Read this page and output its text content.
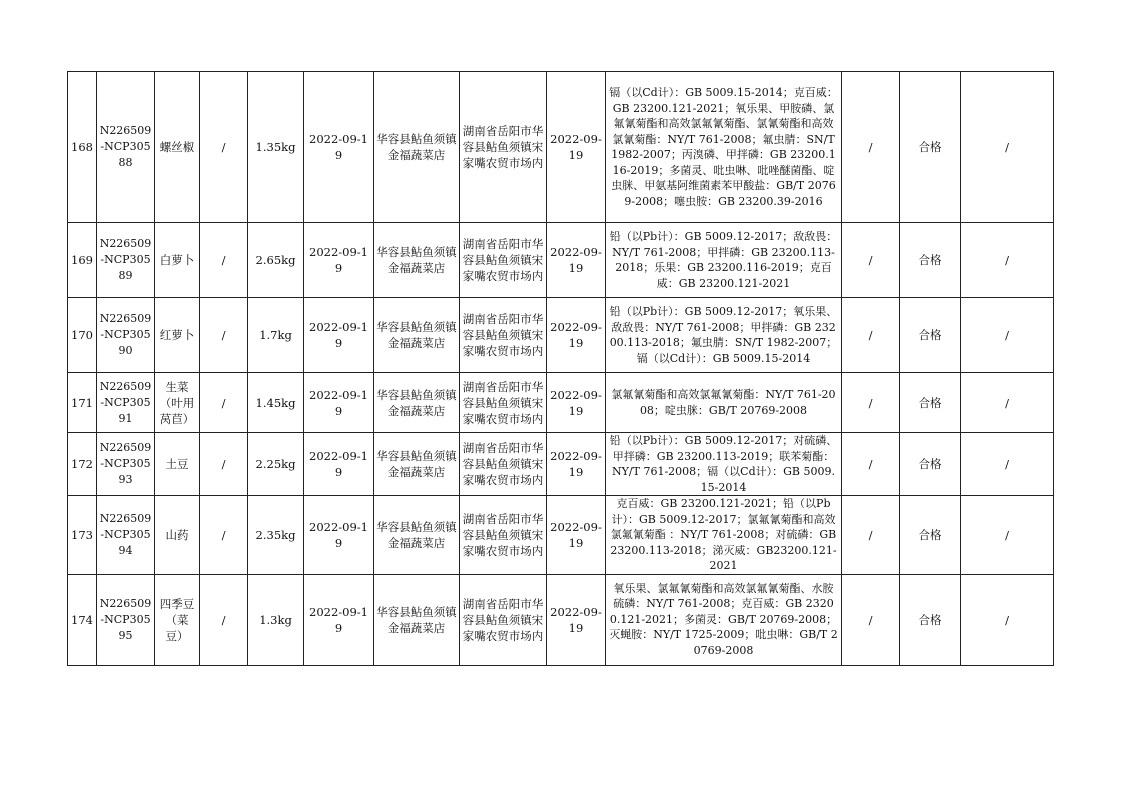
168	N226509-NCP30588	螺丝椒	/	1.35kg	2022-09-19	华容县鲇鱼须镇金福蔬菜店	湖南省岳阳市华容县鲇鱼须镇宋家嘴农贸市场内	2022-09-19	镉（以Cd计）：GB 5009.15-2014；克百威：GB 23200.121-2021；氧乐果、甲胺磷、氯氟氰菊酯和高效氯氟氰菊酯、氯氰菊酯和高效氯氰菊酯：NY/T 761-2008；氟虫腈：SN/T 1982-2007；丙溴磷、甲拌磷：GB 23200.116-2019；多菌灵、吡虫啉、吡唑醚菌酯、啶虫脒、甲氨基阿维菌素苯甲酸盐：GB/T 20769-2008；噻虫胺：GB 23200.39-2016	/	合格	/
169	N226509-NCP30589	白萝卜	/	2.65kg	2022-09-19	华容县鲇鱼须镇金福蔬菜店	湖南省岳阳市华容县鲇鱼须镇宋家嘴农贸市场内	2022-09-19	铅（以Pb计）：GB 5009.12-2017；敌敌畏：NY/T 761-2008；甲拌磷：GB 23200.113-2018；乐果：GB 23200.116-2019；克百威：GB 23200.121-2021	/	合格	/
170	N226509-NCP30590	红萝卜	/	1.7kg	2022-09-19	华容县鲇鱼须镇金福蔬菜店	湖南省岳阳市华容县鲇鱼须镇宋家嘴农贸市场内	2022-09-19	铅（以Pb计）：GB 5009.12-2017；氧乐果、敌敌畏：NY/T 761-2008；甲拌磷：GB 23200.113-2018；氟虫腈：SN/T 1982-2007；镉（以Cd计）：GB 5009.15-2014	/	合格	/
171	N226509-NCP30591	生菜（叶用莴苣）	/	1.45kg	2022-09-19	华容县鲇鱼须镇金福蔬菜店	湖南省岳阳市华容县鲇鱼须镇宋家嘴农贸市场内	2022-09-19	氯氟氰菊酯和高效氯氟氰菊酯：NY/T 761-2008；啶虫脒：GB/T 20769-2008	/	合格	/
172	N226509-NCP30593	土豆	/	2.25kg	2022-09-19	华容县鲇鱼须镇金福蔬菜店	湖南省岳阳市华容县鲇鱼须镇宋家嘴农贸市场内	2022-09-19	铅（以Pb计）：GB 5009.12-2017；对硫磷、甲拌磷：GB 23200.113-2019；联苯菊酯：NY/T 761-2008；镉（以Cd计）：GB 5009.15-2014	/	合格	/
173	N226509-NCP30594	山药	/	2.35kg	2022-09-19	华容县鲇鱼须镇金福蔬菜店	湖南省岳阳市华容县鲇鱼须镇宋家嘴农贸市场内	2022-09-19	克百威：GB 23200.121-2021；铅（以Pb计）：GB 5009.12-2017；氯氟氰菊酯和高效氯氟氰菊酯 ：NY/T 761-2008；对硫磷：GB 23200.113-2018；涕灭威：GB23200.121-2021	/	合格	/
174	N226509-NCP30595	四季豆（菜豆）	/	1.3kg	2022-09-19	华容县鲇鱼须镇金福蔬菜店	湖南省岳阳市华容县鲇鱼须镇宋家嘴农贸市场内	2022-09-19	氧乐果、氯氟氰菊酯和高效氯氟氰菊酯、水胺硫磷：NY/T 761-2008；克百威：GB 23200.121-2021；多菌灵：GB/T 20769-2008；灭蝇胺：NY/T 1725-2009；吡虫啉：GB/T 20769-2008	/	合格	/
